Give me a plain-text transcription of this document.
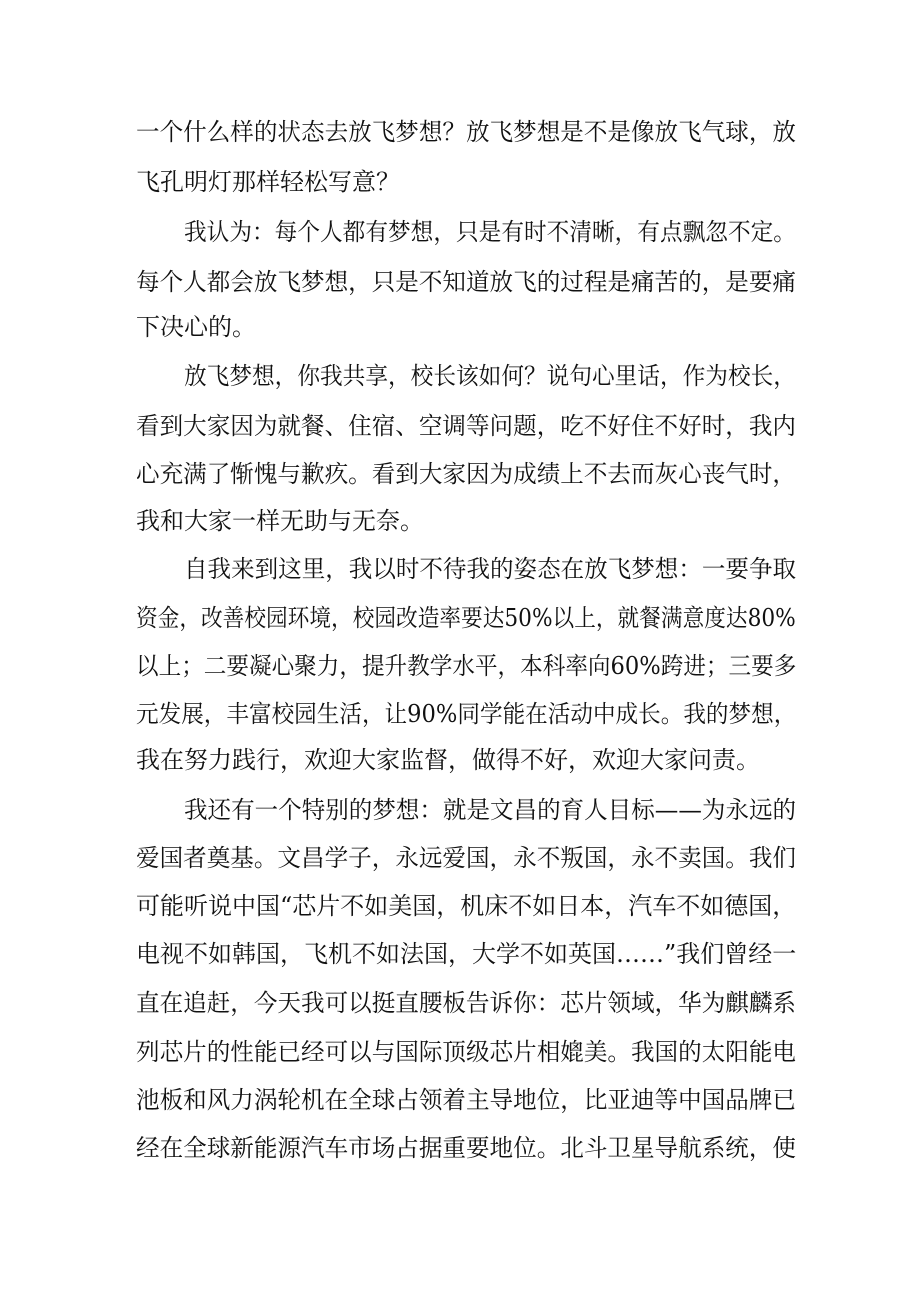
一个什么样的状态去放飞梦想？放飞梦想是不是像放飞气球，放
飞孔明灯那样轻松写意？
我认为：每个人都有梦想，只是有时不清晰，有点飘忽不定。
每个人都会放飞梦想，只是不知道放飞的过程是痛苦的，是要痛
下决心的。
放飞梦想，你我共享，校长该如何？说句心里话，作为校长，
看到大家因为就餐、住宿、空调等问题，吃不好住不好时，我内
心充满了惭愧与歉疚。看到大家因为成绩上不去而灰心丧气时，
我和大家一样无助与无奈。
自我来到这里，我以时不待我的姿态在放飞梦想：一要争取
资金，改善校园环境，校园改造率要达50%以上，就餐满意度达80%
以上；二要凝心聚力，提升教学水平，本科率向60%跨进；三要多
元发展，丰富校园生活，让90%同学能在活动中成长。我的梦想，
我在努力践行，欢迎大家监督，做得不好，欢迎大家问责。
我还有一个特别的梦想：就是文昌的育人目标——为永远的
爱国者奠基。文昌学子，永远爱国，永不叛国，永不卖国。我们
可能听说中国“芯片不如美国，机床不如日本，汽车不如德国，
电视不如韩国，飞机不如法国，大学不如英国……”我们曾经一
直在追赶，今天我可以挺直腰板告诉你：芯片领域，华为麒麟系
列芯片的性能已经可以与国际顶级芯片相媲美。我国的太阳能电
池板和风力涡轮机在全球占领着主导地位，比亚迪等中国品牌已
经在全球新能源汽车市场占据重要地位。北斗卫星导航系统，使
